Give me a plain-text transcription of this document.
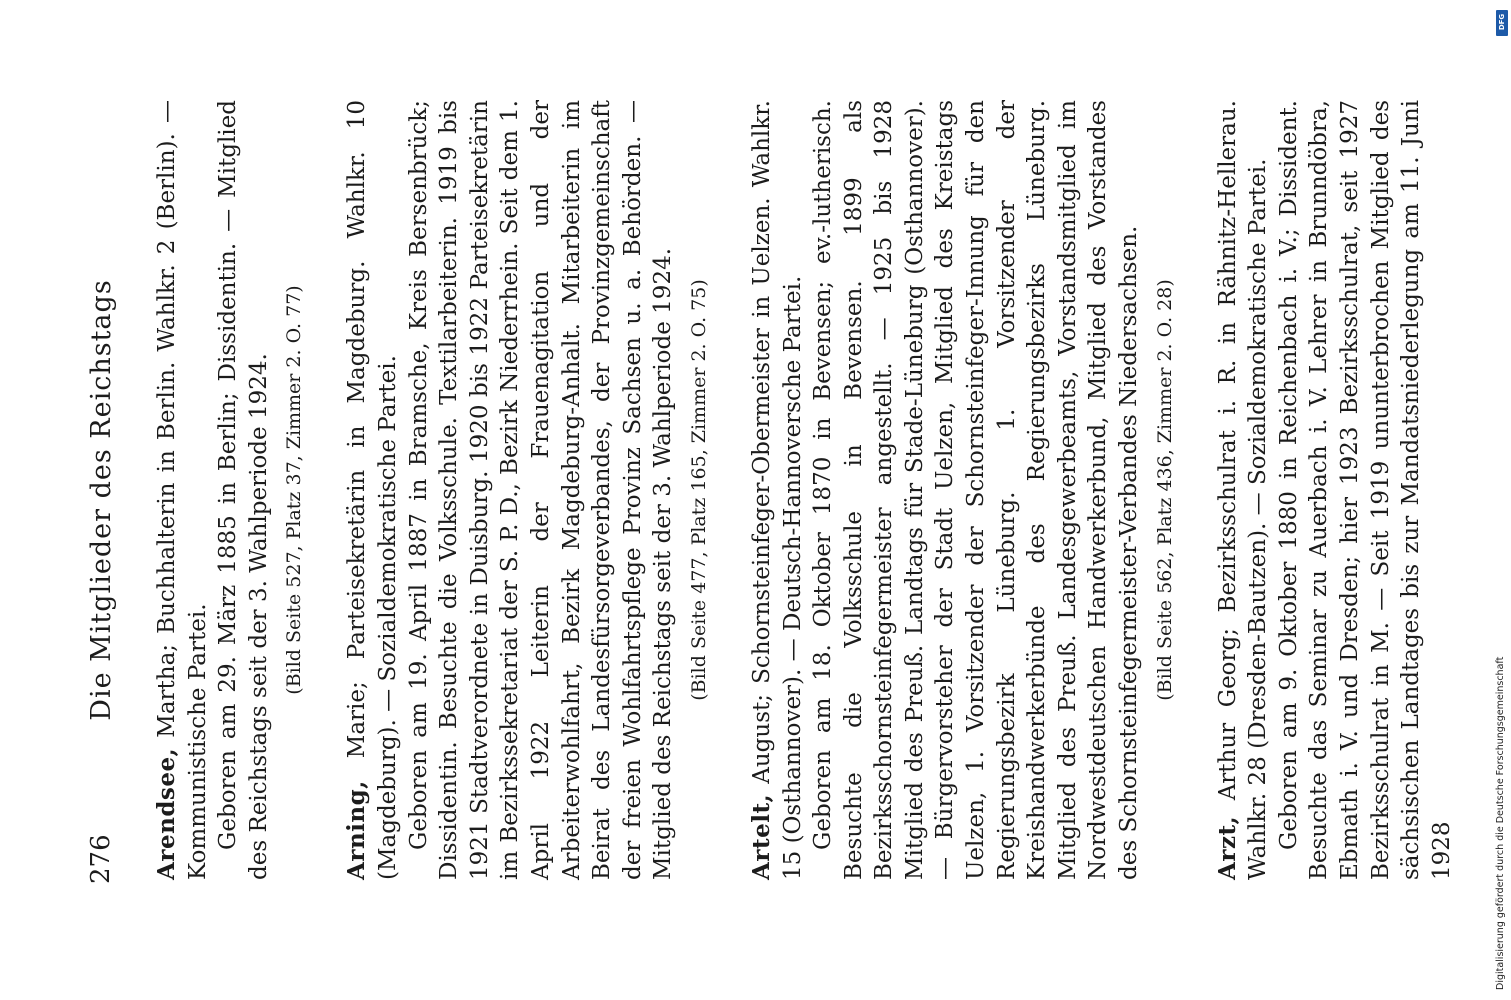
276
Die Mitglieder des Reichstags

Arendsee, Martha; Buchhalterin in Berlin. Wahlkr. 2 (Berlin). — Kommunistische Partei. Geboren am 29. März 1885 in Berlin; Dissidentin. — Mitglied des Reichstags seit der 3. Wahlperiode 1924. (Bild Seite 527, Platz 37, Zimmer 2. O. 77)

Arning, Marie; Parteisekretärin in Magdeburg. Wahlkr. 10 (Magdeburg). — Sozialdemokratische Partei. Geboren am 19. April 1887 in Bramsche, Kreis Bersenbrück; Dissidentin. Besuchte die Volksschule. Textilarbeiterin. 1919 bis 1921 Stadtverordnete in Duisburg. 1920 bis 1922 Parteisekretärin im Bezirkssekretariat der S. P. D., Bezirk Niederrhein. Seit dem 1. April 1922 Leiterin der Frauenagitation und der Arbeiterwohlfahrt, Bezirk Magdeburg-Anhalt. Mitarbeiterin im Beirat des Landesfürsorgeverbandes, der Provinzgemeinschaft der freien Wohlfahrtspflege Provinz Sachsen u. a. Behörden. — Mitglied des Reichstags seit der 3. Wahlperiode 1924. (Bild Seite 477, Platz 165, Zimmer 2. O. 75)

Artelt, August; Schornsteinfeger-Obermeister in Uelzen. Wahlkr. 15 (Osthannover). — Deutsch-Hannoversche Partei. Geboren am 18. Oktober 1870 in Bevensen; ev.-lutherisch. Besuchte die Volksschule in Bevensen. 1899 als Bezirksschornsteinfegermeister angestellt. — 1925 bis 1928 Mitglied des Preuß. Landtags für Stade-Lüneburg (Osthannover). — Bürgervorsteher der Stadt Uelzen, Mitglied des Kreistags Uelzen, 1. Vorsitzender der Schornsteinfeger-Innung für den Regierungsbezirk Lüneburg. 1. Vorsitzender der Kreishandwerkerbünde des Regierungsbezirks Lüneburg. Mitglied des Preuß. Landesgewerbeamts, Vorstandsmitglied im Nordwestdeutschen Handwerkerbund, Mitglied des Vorstandes des Schornsteinfegermeister-Verbandes Niedersachsen. (Bild Seite 562, Platz 436, Zimmer 2. O. 28)

Arzt, Arthur Georg; Bezirksschulrat i. R. in Rähnitz-Hellerau. Wahlkr. 28 (Dresden-Bautzen). — Sozialdemokratische Partei. Geboren am 9. Oktober 1880 in Reichenbach i. V.; Dissident. Besuchte das Seminar zu Auerbach i. V. Lehrer in Brunndöbra, Ebmath i. V. und Dresden; hier 1923 Bezirksschulrat, seit 1927 Bezirksschulrat in M. — Seit 1919 ununterbrochen Mitglied des sächsischen Landtages bis zur Mandatsniederlegung am 11. Juni 1928

DFG
Digitalisierung gefördert durch die Deutsche Forschungsgemeinschaft
